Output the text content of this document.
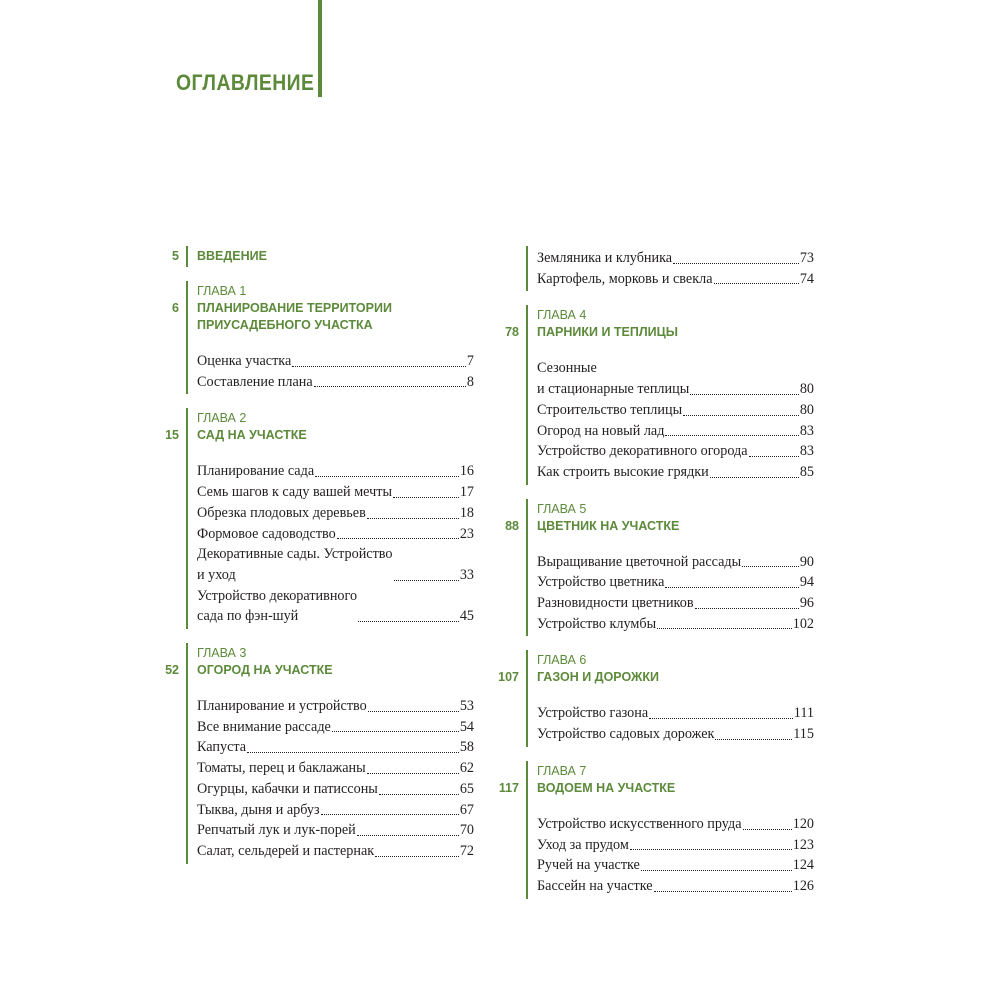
ОГЛАВЛЕНИЕ
ВВЕДЕНИЕ
5
ГЛАВА 1
ПЛАНИРОВАНИЕ ТЕРРИТОРИИ ПРИУСАДЕБНОГО УЧАСТКА
6
Оценка участка	7
Составление плана	8
ГЛАВА 2
САД НА УЧАСТКЕ
15
Планирование сада	16
Семь шагов к саду вашей мечты	17
Обрезка плодовых деревьев	18
Формовое садоводство	23
Декоративные сады. Устройство
и уход	33
Устройство декоративного
сада по фэн-шуй	45
ГЛАВА 3
ОГОРОД НА УЧАСТКЕ
52
Планирование и устройство	53
Все внимание рассаде	54
Капуста	58
Томаты, перец и баклажаны	62
Огурцы, кабачки и патиссоны	65
Тыква, дыня и арбуз	67
Репчатый лук и лук-порей	70
Салат, сельдерей и пастернак	72
Земляника и клубника	73
Картофель, морковь и свекла	74
ГЛАВА 4
ПАРНИКИ И ТЕПЛИЦЫ
78
Сезонные
и стационарные теплицы	80
Строительство теплицы	80
Огород на новый лад	83
Устройство декоративного огорода	83
Как строить высокие грядки	85
ГЛАВА 5
ЦВЕТНИК НА УЧАСТКЕ
88
Выращивание цветочной рассады	90
Устройство цветника	94
Разновидности цветников	96
Устройство клумбы	102
ГЛАВА 6
ГАЗОН И ДОРОЖКИ
107
Устройство газона	111
Устройство садовых дорожек	115
ГЛАВА 7
ВОДОЕМ НА УЧАСТКЕ
117
Устройство искусственного пруда	120
Уход за прудом	123
Ручей на участке	124
Бассейн на участке	126
